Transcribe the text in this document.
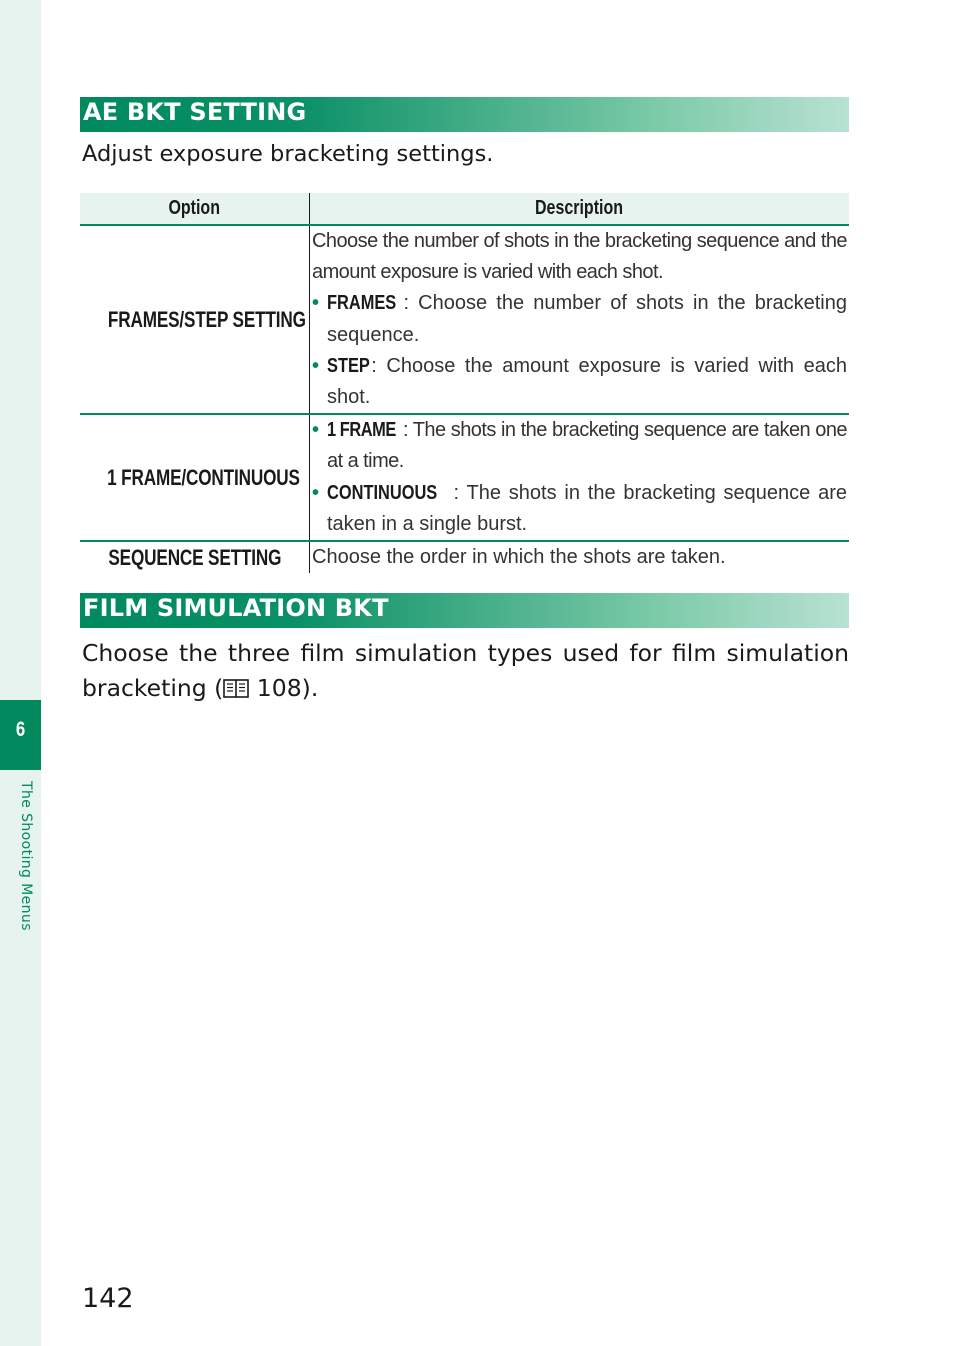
6
The Shooting Menus
AE BKT SETTING
Adjust exposure bracketing settings.
Option	Description
FRAMES/STEP SETTING	Choose the number of shots in the bracketing sequence and the amount exposure is varied with each shot.
• FRAMES : Choose the number of shots in the bracketing sequence.
• STEP: Choose the amount exposure is varied with each shot.

1 FRAME/CONTINUOUS	• 1 FRAME : The shots in the bracketing sequence are taken one at a time.
• CONTINUOUS : The shots in the bracketing sequence are taken in a single burst.

SEQUENCE SETTING	Choose the order in which the shots are taken.
FILM SIMULATION BKT
Choose the three film simulation types used for film simulation
bracketing ( 108).
142
